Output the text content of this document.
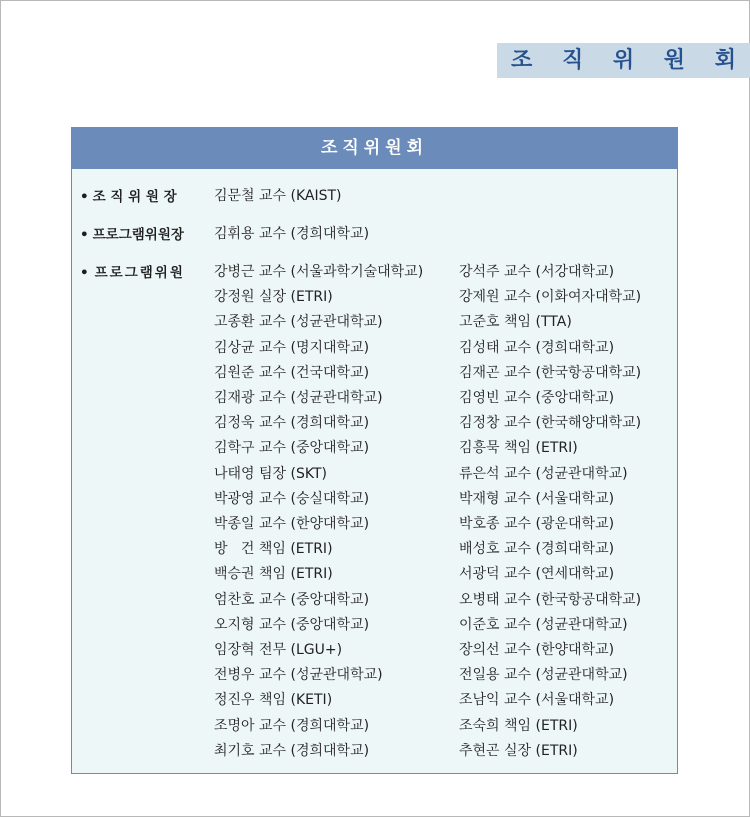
조 직 위 원 회
조직위원회
• 조 직 위 원 장	김문철 교수 (KAIST)
• 프로그램위원장 김휘용 교수 (경희대학교)
• 프로그램위원 강병근 교수 (서울과학기술대학교)
강정원 실장 (ETRI)
고종환 교수 (성균관대학교)
김상균 교수 (명지대학교)
김원준 교수 (건국대학교)
김재광 교수 (성균관대학교)
김정욱 교수 (경희대학교)
김학구 교수 (중앙대학교)
나태영 팀장 (SKT)
박광영 교수 (숭실대학교)
박종일 교수 (한양대학교)
방   건 책임 (ETRI)
백승권 책임 (ETRI)
엄찬호 교수 (중앙대학교)
오지형 교수 (중앙대학교)
임장혁 전무 (LGU+)
전병우 교수 (성균관대학교)
정진우 책임 (KETI)
조명아 교수 (경희대학교)
최기호 교수 (경희대학교)
강석주 교수 (서강대학교)
강제원 교수 (이화여자대학교)
고준호 책임 (TTA)
김성태 교수 (경희대학교)
김재곤 교수 (한국항공대학교)
김영빈 교수 (중앙대학교)
김정창 교수 (한국해양대학교)
김흥묵 책임 (ETRI)
류은석 교수 (성균관대학교)
박재형 교수 (서울대학교)
박호종 교수 (광운대학교)
배성호 교수 (경희대학교)
서광덕 교수 (연세대학교)
오병태 교수 (한국항공대학교)
이준호 교수 (성균관대학교)
장의선 교수 (한양대학교)
전일용 교수 (성균관대학교)
조남익 교수 (서울대학교)
조숙희 책임 (ETRI)
추현곤 실장 (ETRI)
